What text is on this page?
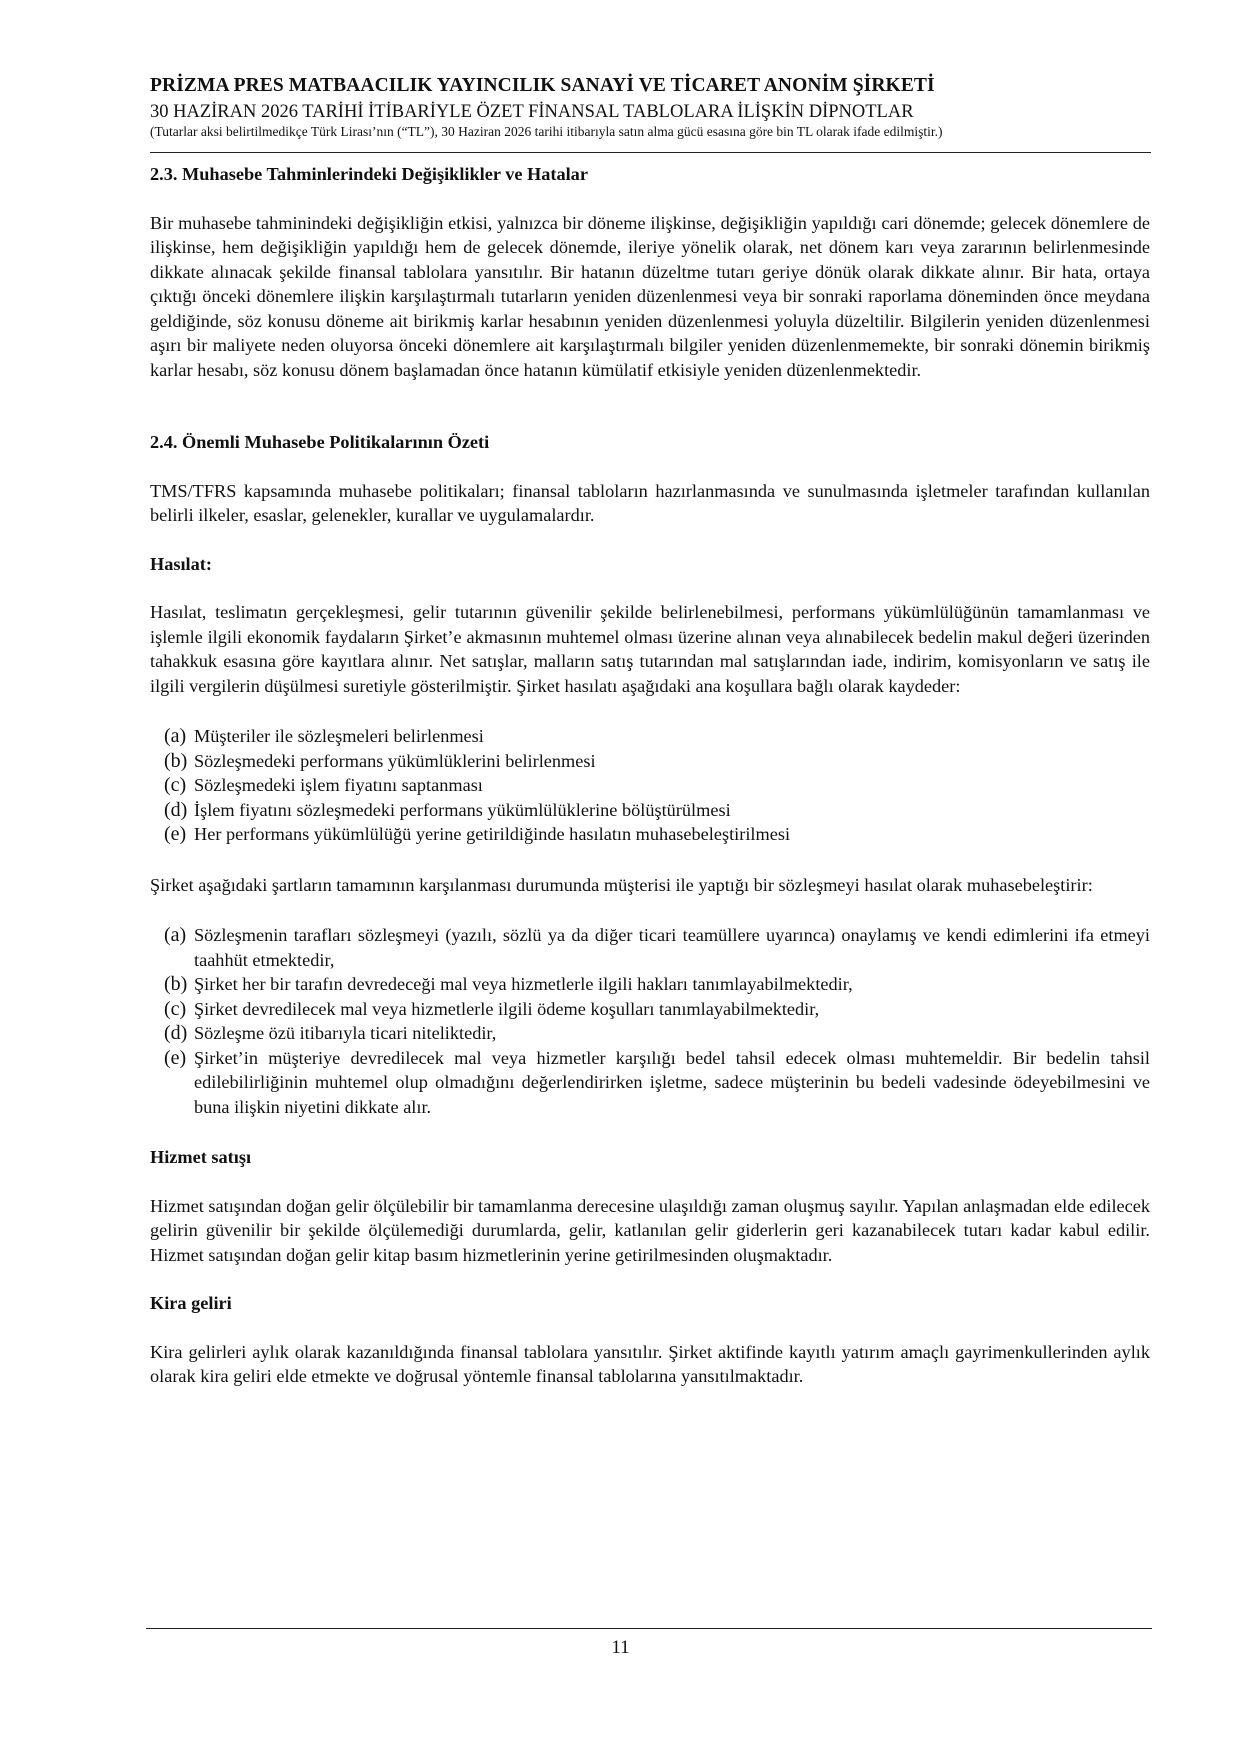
PRİZMA PRES MATBAACILIK YAYINCILIK SANAYİ VE TİCARET ANONİM ŞİRKETİ
30 HAZİRAN 2026 TARİHİ İTİBARİYLE ÖZET FİNANSAL TABLOLARA İLİŞKİN DİPNOTLAR
(Tutarlar aksi belirtilmedikçe Türk Lirası’nın (“TL”), 30 Haziran 2026 tarihi itibarıyla satın alma gücü esasına göre bin TL olarak ifade edilmiştir.)
2.3. Muhasebe Tahminlerindeki Değişiklikler ve Hatalar

Bir muhasebe tahminindeki değişikliğin etkisi, yalnızca bir döneme ilişkinse, değişikliğin yapıldığı cari dönemde; gelecek dönemlere de ilişkinse, hem değişikliğin yapıldığı hem de gelecek dönemde, ileriye yönelik olarak, net dönem karı veya zararının belirlenmesinde dikkate alınacak şekilde finansal tablolara yansıtılır. Bir hatanın düzeltme tutarı geriye dönük olarak dikkate alınır. Bir hata, ortaya çıktığı önceki dönemlere ilişkin karşılaştırmalı tutarların yeniden düzenlenmesi veya bir sonraki raporlama döneminden önce meydana geldiğinde, söz konusu döneme ait birikmiş karlar hesabının yeniden düzenlenmesi yoluyla düzeltilir. Bilgilerin yeniden düzenlenmesi aşırı bir maliyete neden oluyorsa önceki dönemlere ait karşılaştırmalı bilgiler yeniden düzenlenmemekte, bir sonraki dönemin birikmiş karlar hesabı, söz konusu dönem başlamadan önce hatanın kümülatif etkisiyle yeniden düzenlenmektedir.

2.4. Önemli Muhasebe Politikalarının Özeti

TMS/TFRS kapsamında muhasebe politikaları; finansal tabloların hazırlanmasında ve sunulmasında işletmeler tarafından kullanılan belirli ilkeler, esaslar, gelenekler, kurallar ve uygulamalardır.

Hasılat:

Hasılat, teslimatın gerçekleşmesi, gelir tutarının güvenilir şekilde belirlenebilmesi, performans yükümlülüğünün tamamlanması ve işlemle ilgili ekonomik faydaların Şirket’e akmasının muhtemel olması üzerine alınan veya alınabilecek bedelin makul değeri üzerinden tahakkuk esasına göre kayıtlara alınır. Net satışlar, malların satış tutarından mal satışlarından iade, indirim, komisyonların ve satış ile ilgili vergilerin düşülmesi suretiyle gösterilmiştir. Şirket hasılatı aşağıdaki ana koşullara bağlı olarak kaydeder:

(a) Müşteriler ile sözleşmeleri belirlenmesi
(b) Sözleşmedeki performans yükümlüklerini belirlenmesi
(c) Sözleşmedeki işlem fiyatını saptanması
(d) İşlem fiyatını sözleşmedeki performans yükümlülüklerine bölüştürülmesi
(e) Her performans yükümlülüğü yerine getirildiğinde hasılatın muhasebeleştirilmesi

Şirket aşağıdaki şartların tamamının karşılanması durumunda müşterisi ile yaptığı bir sözleşmeyi hasılat olarak muhasebeleştirir:

(a) Sözleşmenin tarafları sözleşmeyi (yazılı, sözlü ya da diğer ticari teamüllere uyarınca) onaylamış ve kendi edimlerini ifa etmeyi taahhüt etmektedir,
(b) Şirket her bir tarafın devredeceği mal veya hizmetlerle ilgili hakları tanımlayabilmektedir,
(c) Şirket devredilecek mal veya hizmetlerle ilgili ödeme koşulları tanımlayabilmektedir,
(d) Sözleşme özü itibarıyla ticari niteliktedir,
(e) Şirket’in müşteriye devredilecek mal veya hizmetler karşılığı bedel tahsil edecek olması muhtemeldir. Bir bedelin tahsil edilebilirliğinin muhtemel olup olmadığını değerlendirirken işletme, sadece müşterinin bu bedeli vadesinde ödeyebilmesini ve buna ilişkin niyetini dikkate alır.
Hizmet satışı

Hizmet satışından doğan gelir ölçülebilir bir tamamlanma derecesine ulaşıldığı zaman oluşmuş sayılır. Yapılan anlaşmadan elde edilecek gelirin güvenilir bir şekilde ölçülemediği durumlarda, gelir, katlanılan gelir giderlerin geri kazanabilecek tutarı kadar kabul edilir. Hizmet satışından doğan gelir kitap basım hizmetlerinin yerine getirilmesinden oluşmaktadır.

Kira geliri

Kira gelirleri aylık olarak kazanıldığında finansal tablolara yansıtılır. Şirket aktifinde kayıtlı yatırım amaçlı gayrimenkullerinden aylık olarak kira geliri elde etmekte ve doğrusal yöntemle finansal tablolarına yansıtılmaktadır.

11
